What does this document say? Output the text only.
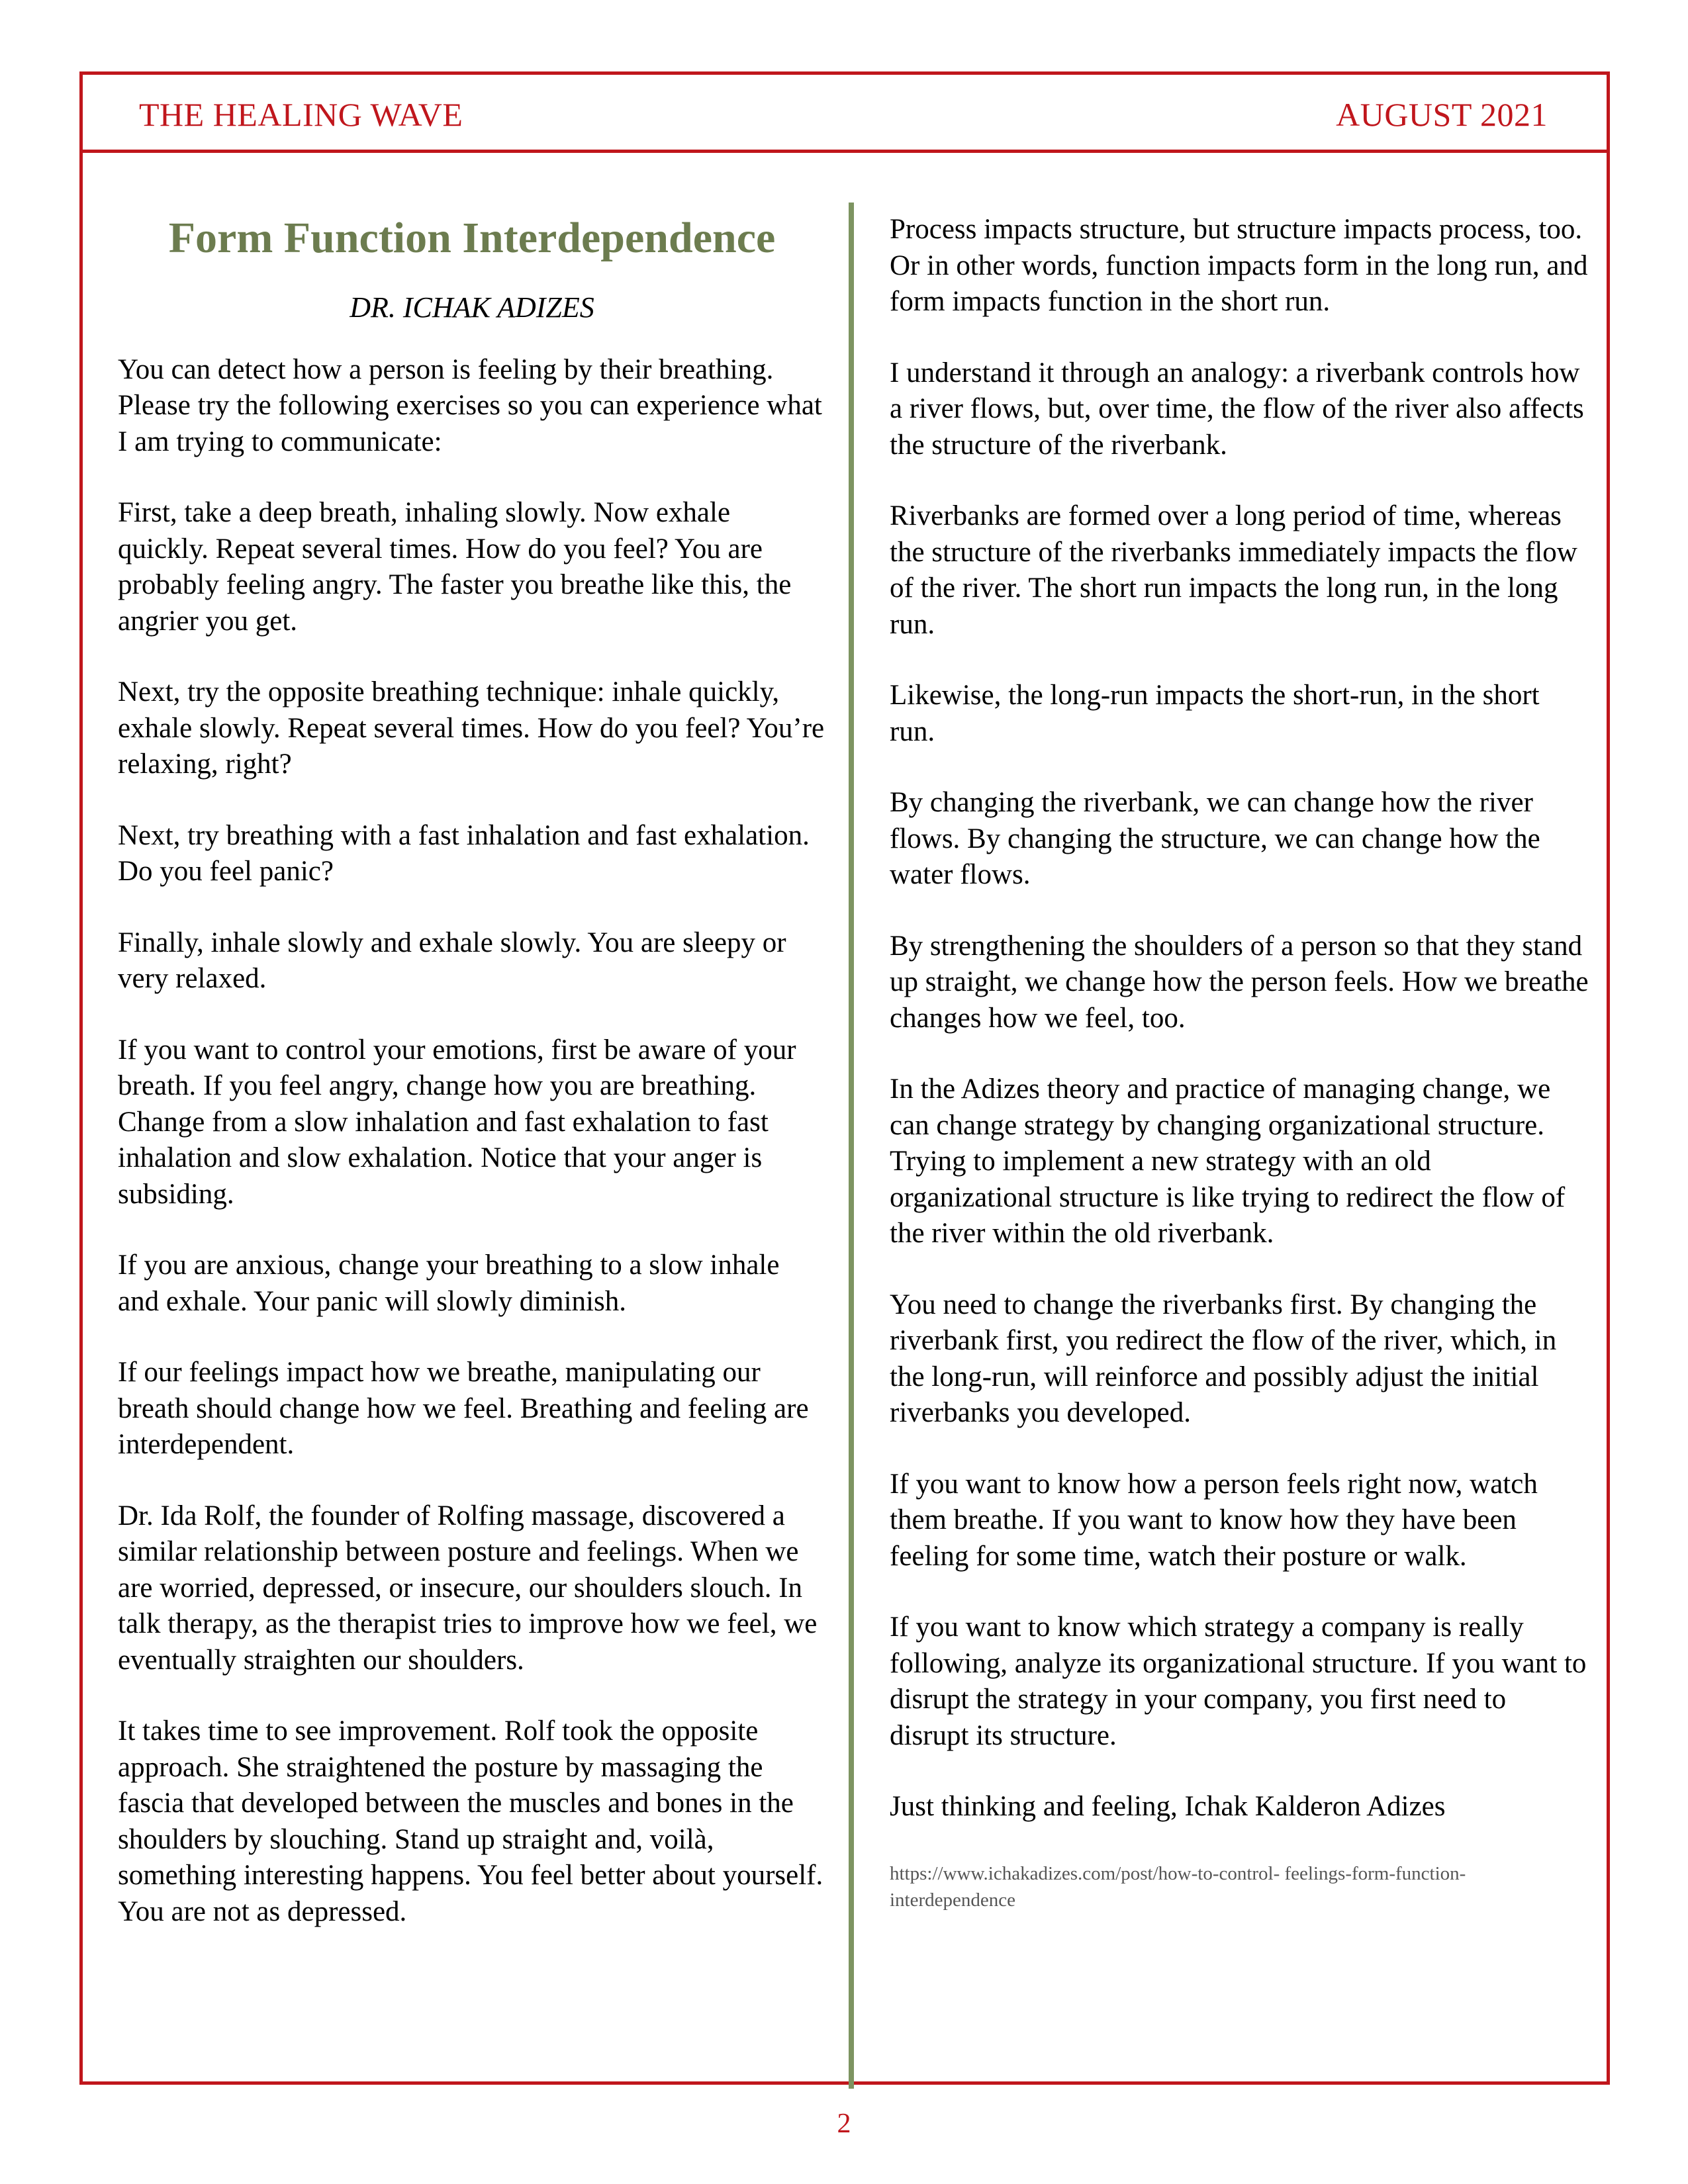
THE HEALING WAVE	AUGUST 2021
Form Function Interdependence

DR. ICHAK ADIZES

You can detect how a person is feeling by their breathing. Please try the following exercises so you can experience what I am trying to communicate:

First, take a deep breath, inhaling slowly. Now exhale quickly. Repeat several times. How do you feel? You are probably feeling angry. The faster you breathe like this, the angrier you get.

Next, try the opposite breathing technique: inhale quickly, exhale slowly. Repeat several times. How do you feel? You’re relaxing, right?

Next, try breathing with a fast inhalation and fast exhalation. Do you feel panic?

Finally, inhale slowly and exhale slowly. You are sleepy or very relaxed.

If you want to control your emotions, first be aware of your breath. If you feel angry, change how you are breathing. Change from a slow inhalation and fast exhalation to fast inhalation and slow exhalation. Notice that your anger is subsiding.

If you are anxious, change your breathing to a slow inhale and exhale. Your panic will slowly diminish.

If our feelings impact how we breathe, manipulating our breath should change how we feel. Breathing and feeling are interdependent.

Dr. Ida Rolf, the founder of Rolfing massage, discovered a similar relationship between posture and feelings. When we are worried, depressed, or insecure, our shoulders slouch. In talk therapy, as the therapist tries to improve how we feel, we eventually straighten our shoulders.

It takes time to see improvement. Rolf took the opposite approach. She straightened the posture by massaging the fascia that developed between the muscles and bones in the shoulders by slouching. Stand up straight and, voilà, something interesting happens. You feel better about yourself. You are not as depressed.

Process impacts structure, but structure impacts process, too. Or in other words, function impacts form in the long run, and form impacts function in the short run.

I understand it through an analogy: a riverbank controls how a river flows, but, over time, the flow of the river also affects the structure of the riverbank.

Riverbanks are formed over a long period of time, whereas the structure of the riverbanks immediately impacts the flow of the river. The short run impacts the long run, in the long run.

Likewise, the long-run impacts the short-run, in the short run.

By changing the riverbank, we can change how the river flows. By changing the structure, we can change how the water flows.

By strengthening the shoulders of a person so that they stand up straight, we change how the person feels. How we breathe changes how we feel, too.

In the Adizes theory and practice of managing change, we can change strategy by changing organizational structure. Trying to implement a new strategy with an old organizational structure is like trying to redirect the flow of the river within the old riverbank.

You need to change the riverbanks first. By changing the riverbank first, you redirect the flow of the river, which, in the long-run, will reinforce and possibly adjust the initial riverbanks you developed.

If you want to know how a person feels right now, watch them breathe. If you want to know how they have been feeling for some time, watch their posture or walk.

If you want to know which strategy a company is really following, analyze its organizational structure. If you want to disrupt the strategy in your company, you first need to disrupt its structure.

Just thinking and feeling, Ichak Kalderon Adizes

https://www.ichakadizes.com/post/how-to-control- feelings-form-function-interdependence

2
